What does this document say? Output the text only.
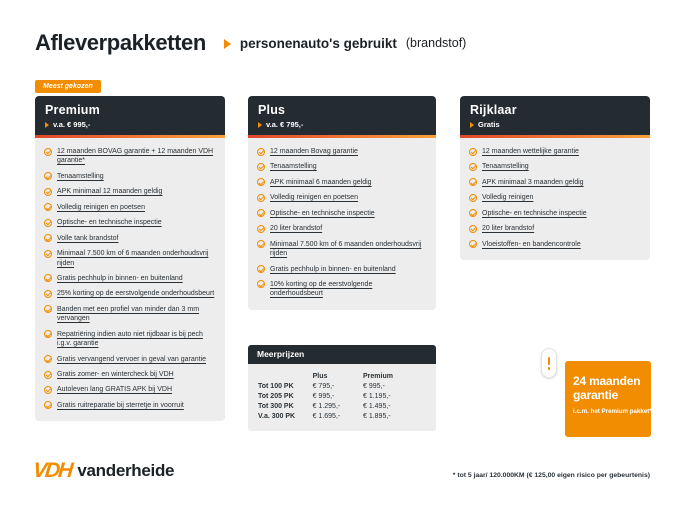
Afleverpakketten	personenauto's gebruikt (brandstof)
Meest gekozen
Premium
v.a. € 995,-
12 maanden BOVAG garantie + 12 maanden VDH garantie*
Tenaamstelling
APK minimaal 12 maanden geldig
Volledig reinigen en poetsen
Optische- en technische inspectie
Volle tank brandstof
Minimaal 7.500 km of 6 maanden onderhoudsvrij rijden
Gratis pechhulp in binnen- en buitenland
25% korting op de eerstvolgende onderhoudsbeurt
Banden met een profiel van minder dan 3 mm vervangen
Repatriëring indien auto niet rijdbaar is bij pech i.g.v. garantie
Gratis vervangend vervoer in geval van garantie
Gratis zomer- en wintercheck bij VDH
Autoleven lang GRATIS APK bij VDH
Gratis ruitreparatie bij sterretje in voorruit
Plus
v.a. € 795,-
12 maanden Bovag garantie
Tenaamstelling
APK minimaal 6 maanden geldig
Volledig reinigen en poetsen
Optische- en technische inspectie
20 liter brandstof
Minimaal 7.500 km of 6 maanden onderhoudsvrij rijden
Gratis pechhulp in binnen- en buitenland
10% korting op de eerstvolgende onderhoudsbeurt
Rijklaar
Gratis
12 maanden wettelijke garantie
Tenaamstelling
APK minimaal 3 maanden geldig
Volledig reinigen
Optische- en technische inspectie
20 liter brandstof
Vloeistoffen- en bandencontrole
Meerprijzen
	Plus	Premium
Tot 100 PK	€ 795,-	€ 995,-
Tot 205 PK	€ 995,-	€ 1.195,-
Tot 300 PK	€ 1.295,-	€ 1.495,-
V.a. 300 PK	€ 1.695,-	€ 1.895,-
24 maanden
garantie
i.c.m. het Premium pakket*
VDH vanderheide	* tot 5 jaar/ 120.000KM (€ 125,00 eigen risico per gebeurtenis)
